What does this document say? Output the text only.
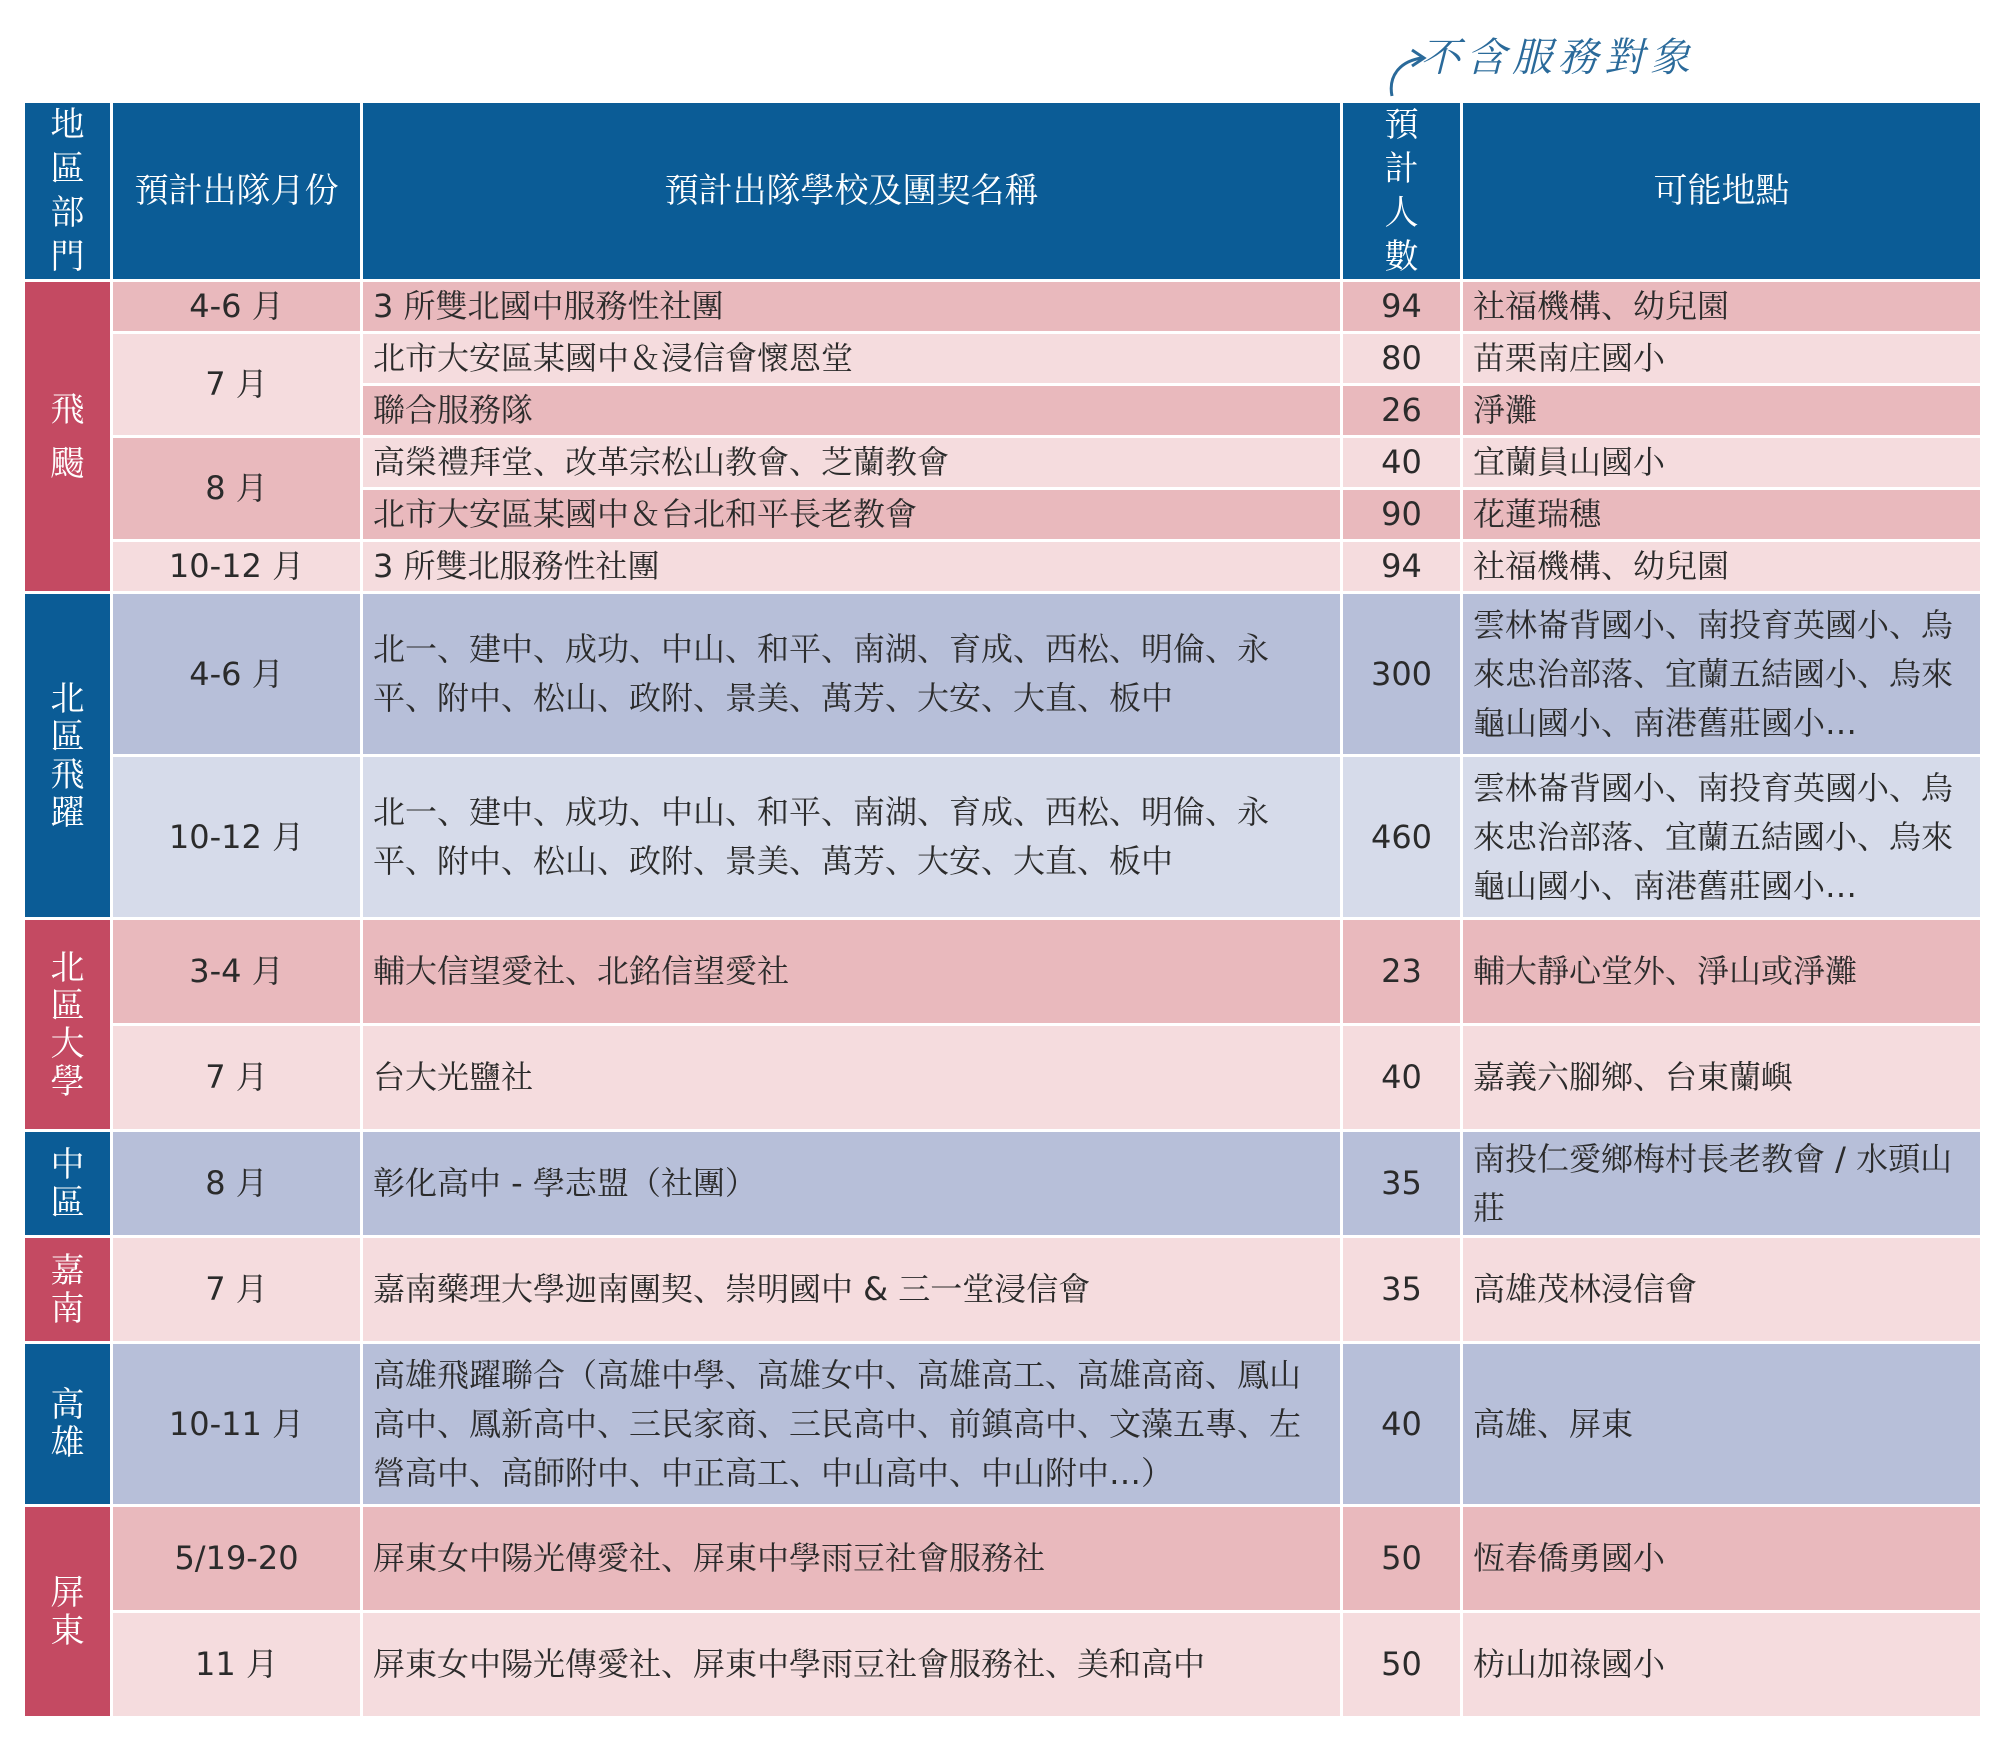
不含服務對象
地區部門	預計出隊月份	預計出隊學校及團契名稱	預計人數	可能地點
飛颺	4-6 月	3 所雙北國中服務性社團	94	社福機構、幼兒園
	7 月	北市大安區某國中＆浸信會懷恩堂	80	苗栗南庄國小
		聯合服務隊	26	淨灘
	8 月	高榮禮拜堂、改革宗松山教會、芝蘭教會	40	宜蘭員山國小
		北市大安區某國中＆台北和平長老教會	90	花蓮瑞穗
	10-12 月	3 所雙北服務性社團	94	社福機構、幼兒園
北區飛躍	4-6 月	北一、建中、成功、中山、和平、南湖、育成、西松、明倫、永平、附中、松山、政附、景美、萬芳、大安、大直、板中	300	雲林崙背國小、南投育英國小、烏來忠治部落、宜蘭五結國小、烏來龜山國小、南港舊莊國小…
	10-12 月	北一、建中、成功、中山、和平、南湖、育成、西松、明倫、永平、附中、松山、政附、景美、萬芳、大安、大直、板中	460	雲林崙背國小、南投育英國小、烏來忠治部落、宜蘭五結國小、烏來龜山國小、南港舊莊國小…
北區大學	3-4 月	輔大信望愛社、北銘信望愛社	23	輔大靜心堂外、淨山或淨灘
	7 月	台大光鹽社	40	嘉義六腳鄉、台東蘭嶼
中區	8 月	彰化高中 - 學志盟（社團）	35	南投仁愛鄉梅村長老教會 / 水頭山莊
嘉南	7 月	嘉南藥理大學迦南團契、崇明國中 & 三一堂浸信會	35	高雄茂林浸信會
高雄	10-11 月	高雄飛躍聯合（高雄中學、高雄女中、高雄高工、高雄高商、鳳山高中、鳳新高中、三民家商、三民高中、前鎮高中、文藻五專、左營高中、高師附中、中正高工、中山高中、中山附中…）	40	高雄、屏東
屏東	5/19-20	屏東女中陽光傳愛社、屏東中學雨豆社會服務社	50	恆春僑勇國小
	11 月	屏東女中陽光傳愛社、屏東中學雨豆社會服務社、美和高中	50	枋山加祿國小
